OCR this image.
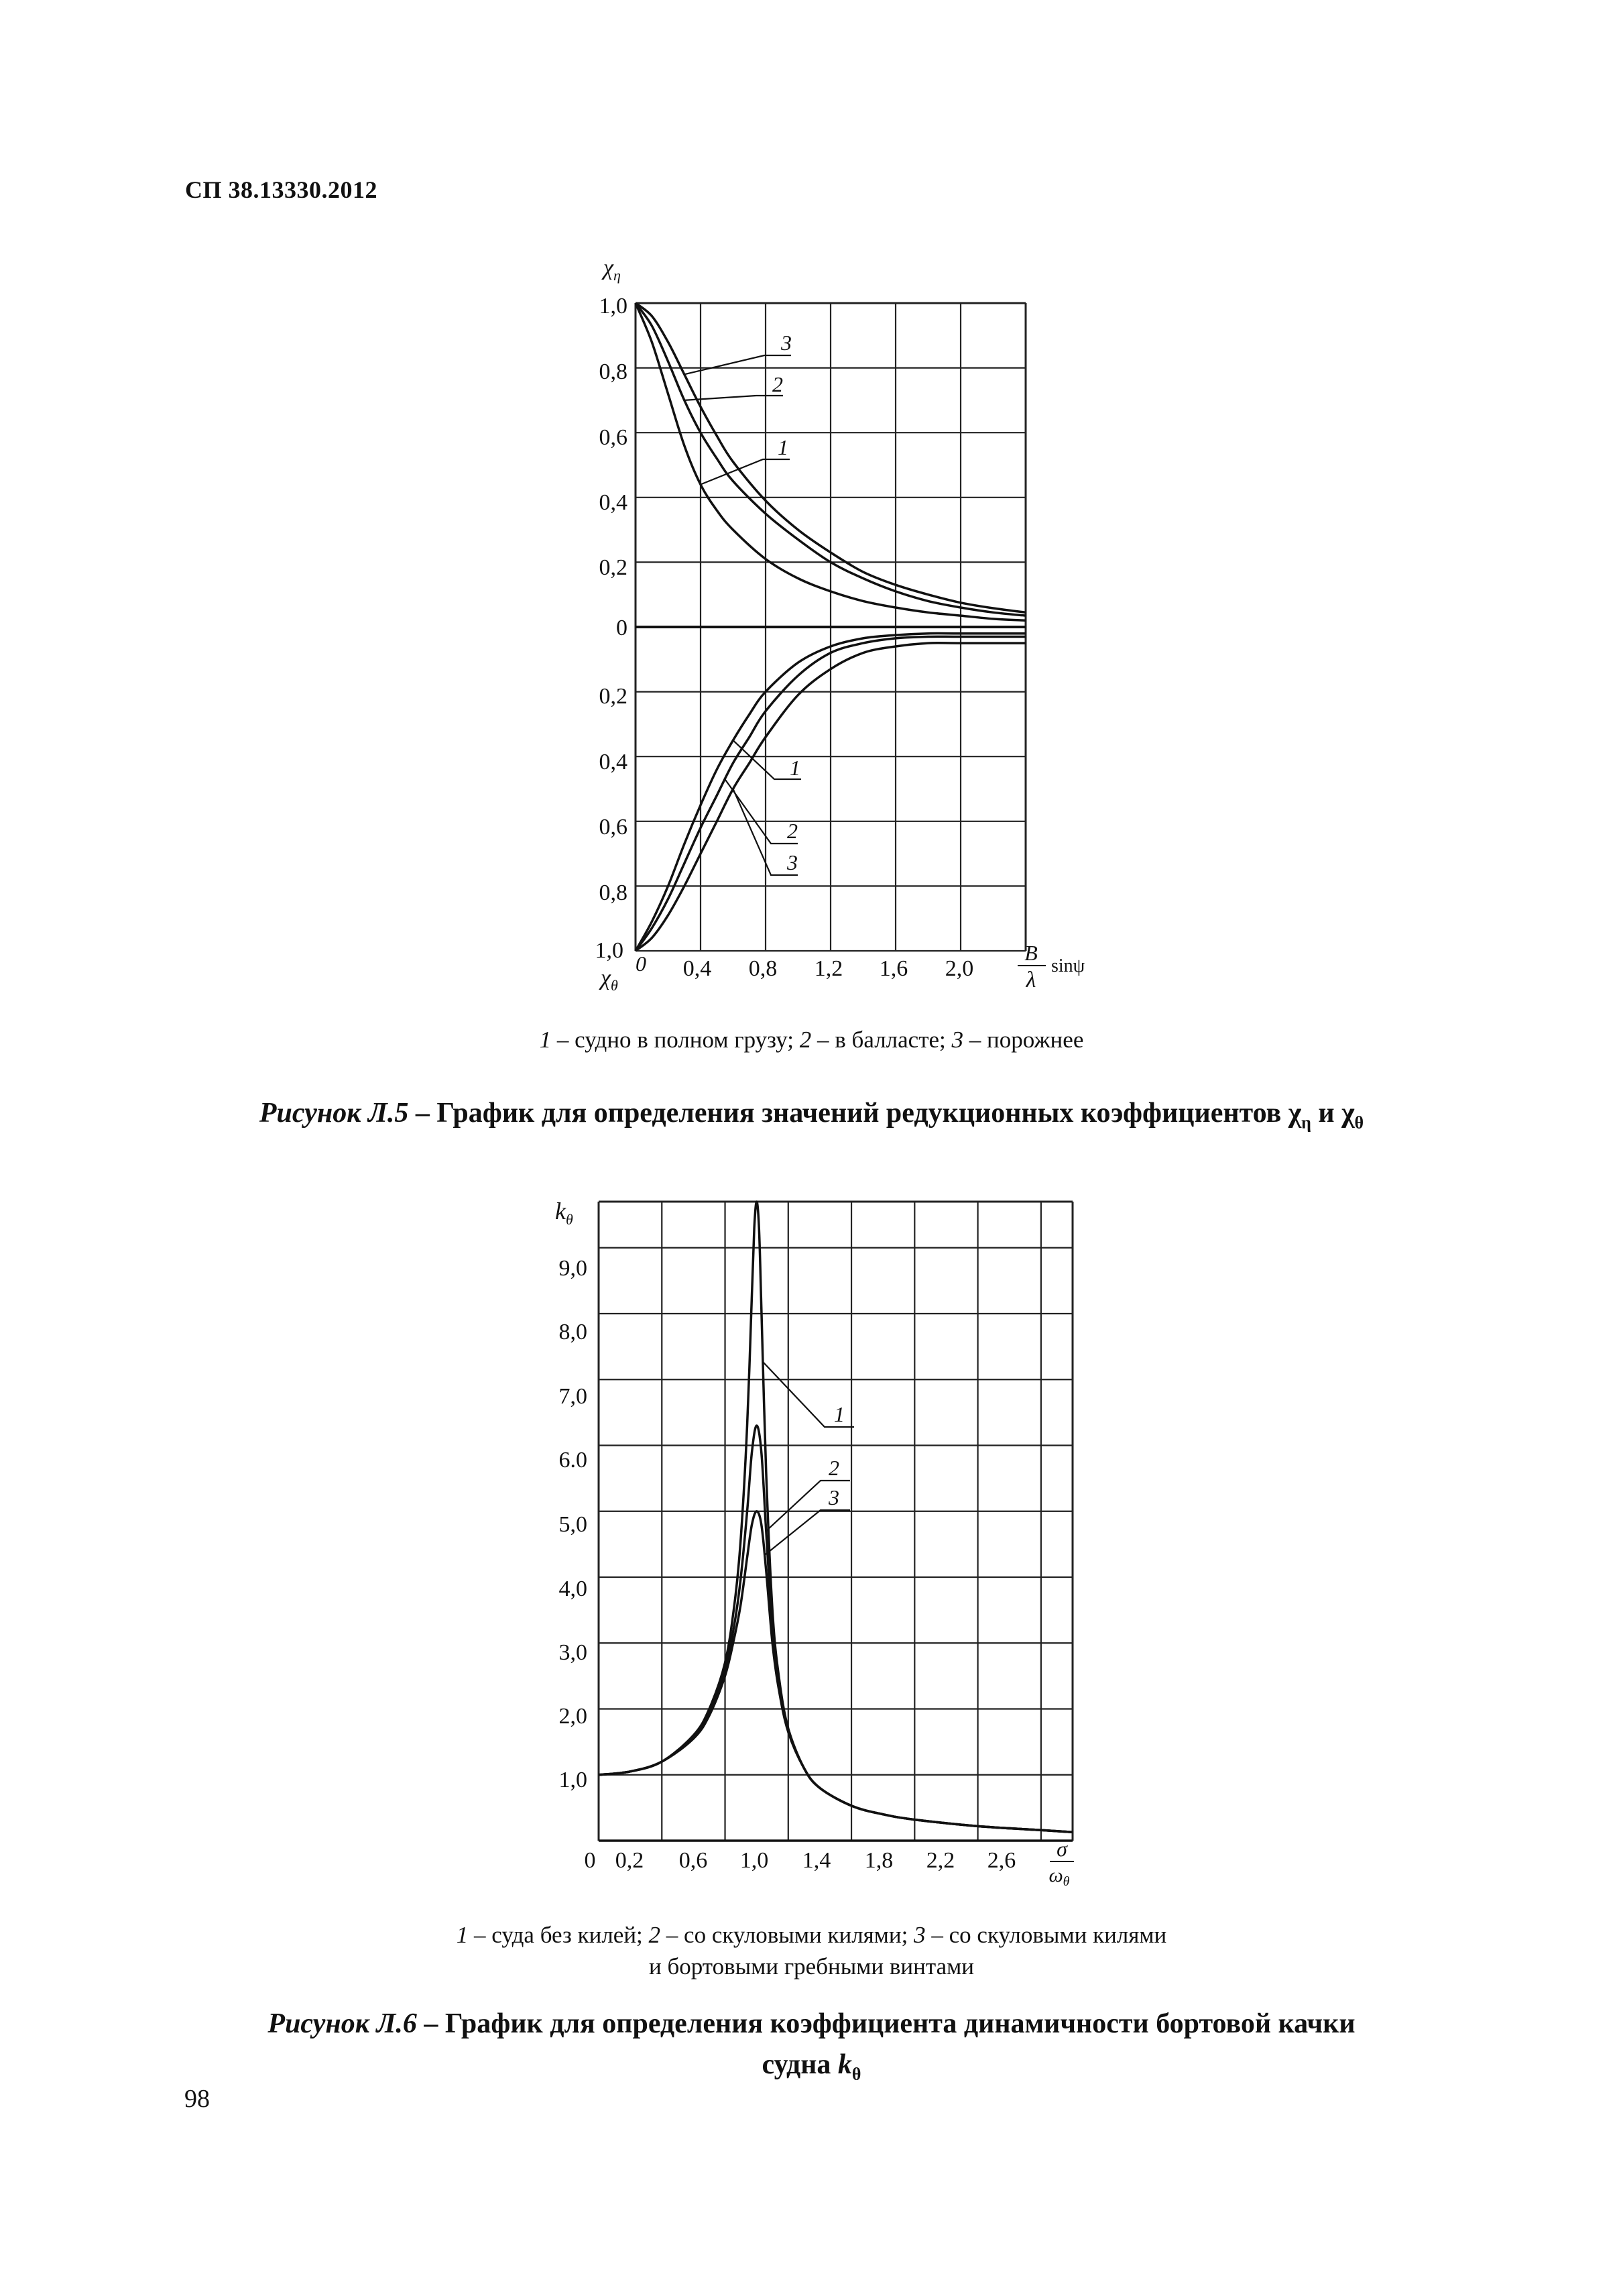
СП 38.13330.2012
$\chi_\eta$
1,0
0,8
0,6
0,4
0,2
0
0,2
0,4
0,6
0,8
1,0
$\chi_\theta$
0 0,4 0,8 1,2 1,6 2,0
B
λ
sinψ
3
2
1
1
2
3
1 – судно в полном грузу; 2 – в балласте; 3 – порожнее
Рисунок Л.5 – График для определения значений редукционных коэффициентов $\chi_\eta$ и $\chi_\theta$
$k_\theta$
9,0
8,0
7,0
6.0
5,0
4,0
3,0
2,0
1,0
0 0,2 0,6 1,0 1,4 1,8 2,2 2,6 σ
$\omega_\theta$
1
2
3
1 – суда без килей; 2 – со скуловыми килями; 3 – со скуловыми килями
и бортовыми гребными винтами
Рисунок Л.6 – График для определения коэффициента динамичности бортовой качки
судна $k_\theta$
98
